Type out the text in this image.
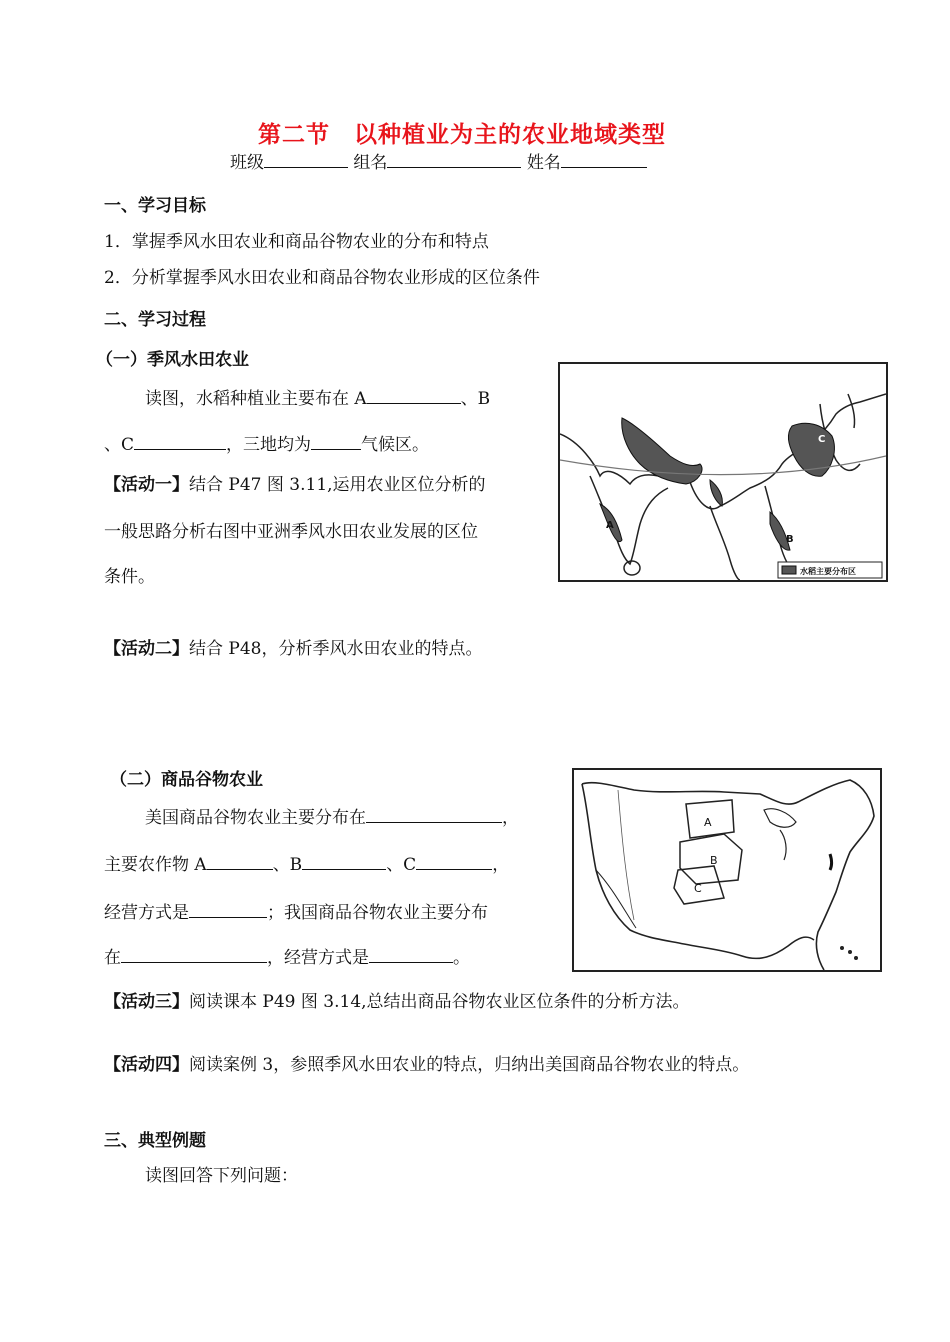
第二节　以种植业为主的农业地域类型
班级	组名	姓名
一、学习目标
1．掌握季风水田农业和商品谷物农业的分布和特点
2．分析掌握季风水田农业和商品谷物农业形成的区位条件
二、学习过程
（一）季风水田农业
读图，水稻种植业主要布在 A	、B
、C	，三地均为	气候区。
【活动一】结合 P47 图 3.11,运用农业区位分析的
一般思路分析右图中亚洲季风水田农业发展的区位
条件。
【活动二】结合 P48，分析季风水田农业的特点。
水稻主要分布区
A
B
C
（二）商品谷物农业
美国商品谷物农业主要分布在	，
主要农作物 A	、B	、C	，
经营方式是	；我国商品谷物农业主要分布
在	，经营方式是	。
A
B
C
【活动三】阅读课本 P49 图 3.14,总结出商品谷物农业区位条件的分析方法。
【活动四】阅读案例 3，参照季风水田农业的特点，归纳出美国商品谷物农业的特点。
三、典型例题
读图回答下列问题：
